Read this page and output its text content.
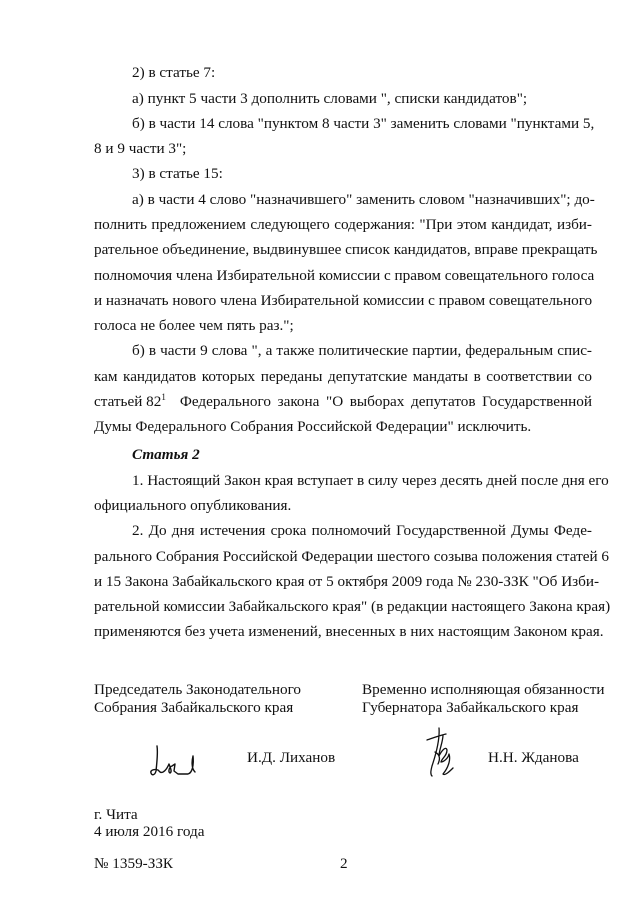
2) в статье 7:
а) пункт 5 части 3 дополнить словами ", списки кандидатов";
б) в части 14 слова "пунктом 8 части 3" заменить словами "пунктами 5,
8 и 9 части 3";
3) в статье 15:
а) в части 4 слово "назначившего" заменить словом "назначивших"; до-
полнить предложением следующего содержания: "При этом кандидат, изби-
рательное объединение, выдвинувшее список кандидатов, вправе прекращать
полномочия члена Избирательной комиссии с правом совещательного голоса
и назначать нового члена Избирательной комиссии с правом совещательного
голоса не более чем пять раз.";
б) в части 9 слова ", а также политические партии, федеральным спис-
кам кандидатов которых переданы депутатские мандаты в соответствии со
статьей $82^1$ Федерального закона "О выборах депутатов Государственной
Думы Федерального Собрания Российской Федерации" исключить.
Статья 2
1. Настоящий Закон края вступает в силу через десять дней после дня его
официального опубликования.
2. До дня истечения срока полномочий Государственной Думы Феде-
рального Собрания Российской Федерации шестого созыва положения статей 6
и 15 Закона Забайкальского края от 5 октября 2009 года № 230-ЗЗК "Об Изби-
рательной комиссии Забайкальского края" (в редакции настоящего Закона края)
применяются без учета изменений, внесенных в них настоящим Законом края.
Председатель Законодательного
Собрания Забайкальского края
Временно исполняющая обязанности
Губернатора Забайкальского края
И.Д. Лиханов	Н.Н. Жданова
г. Чита
4 июля 2016 года
№ 1359-ЗЗК	2
